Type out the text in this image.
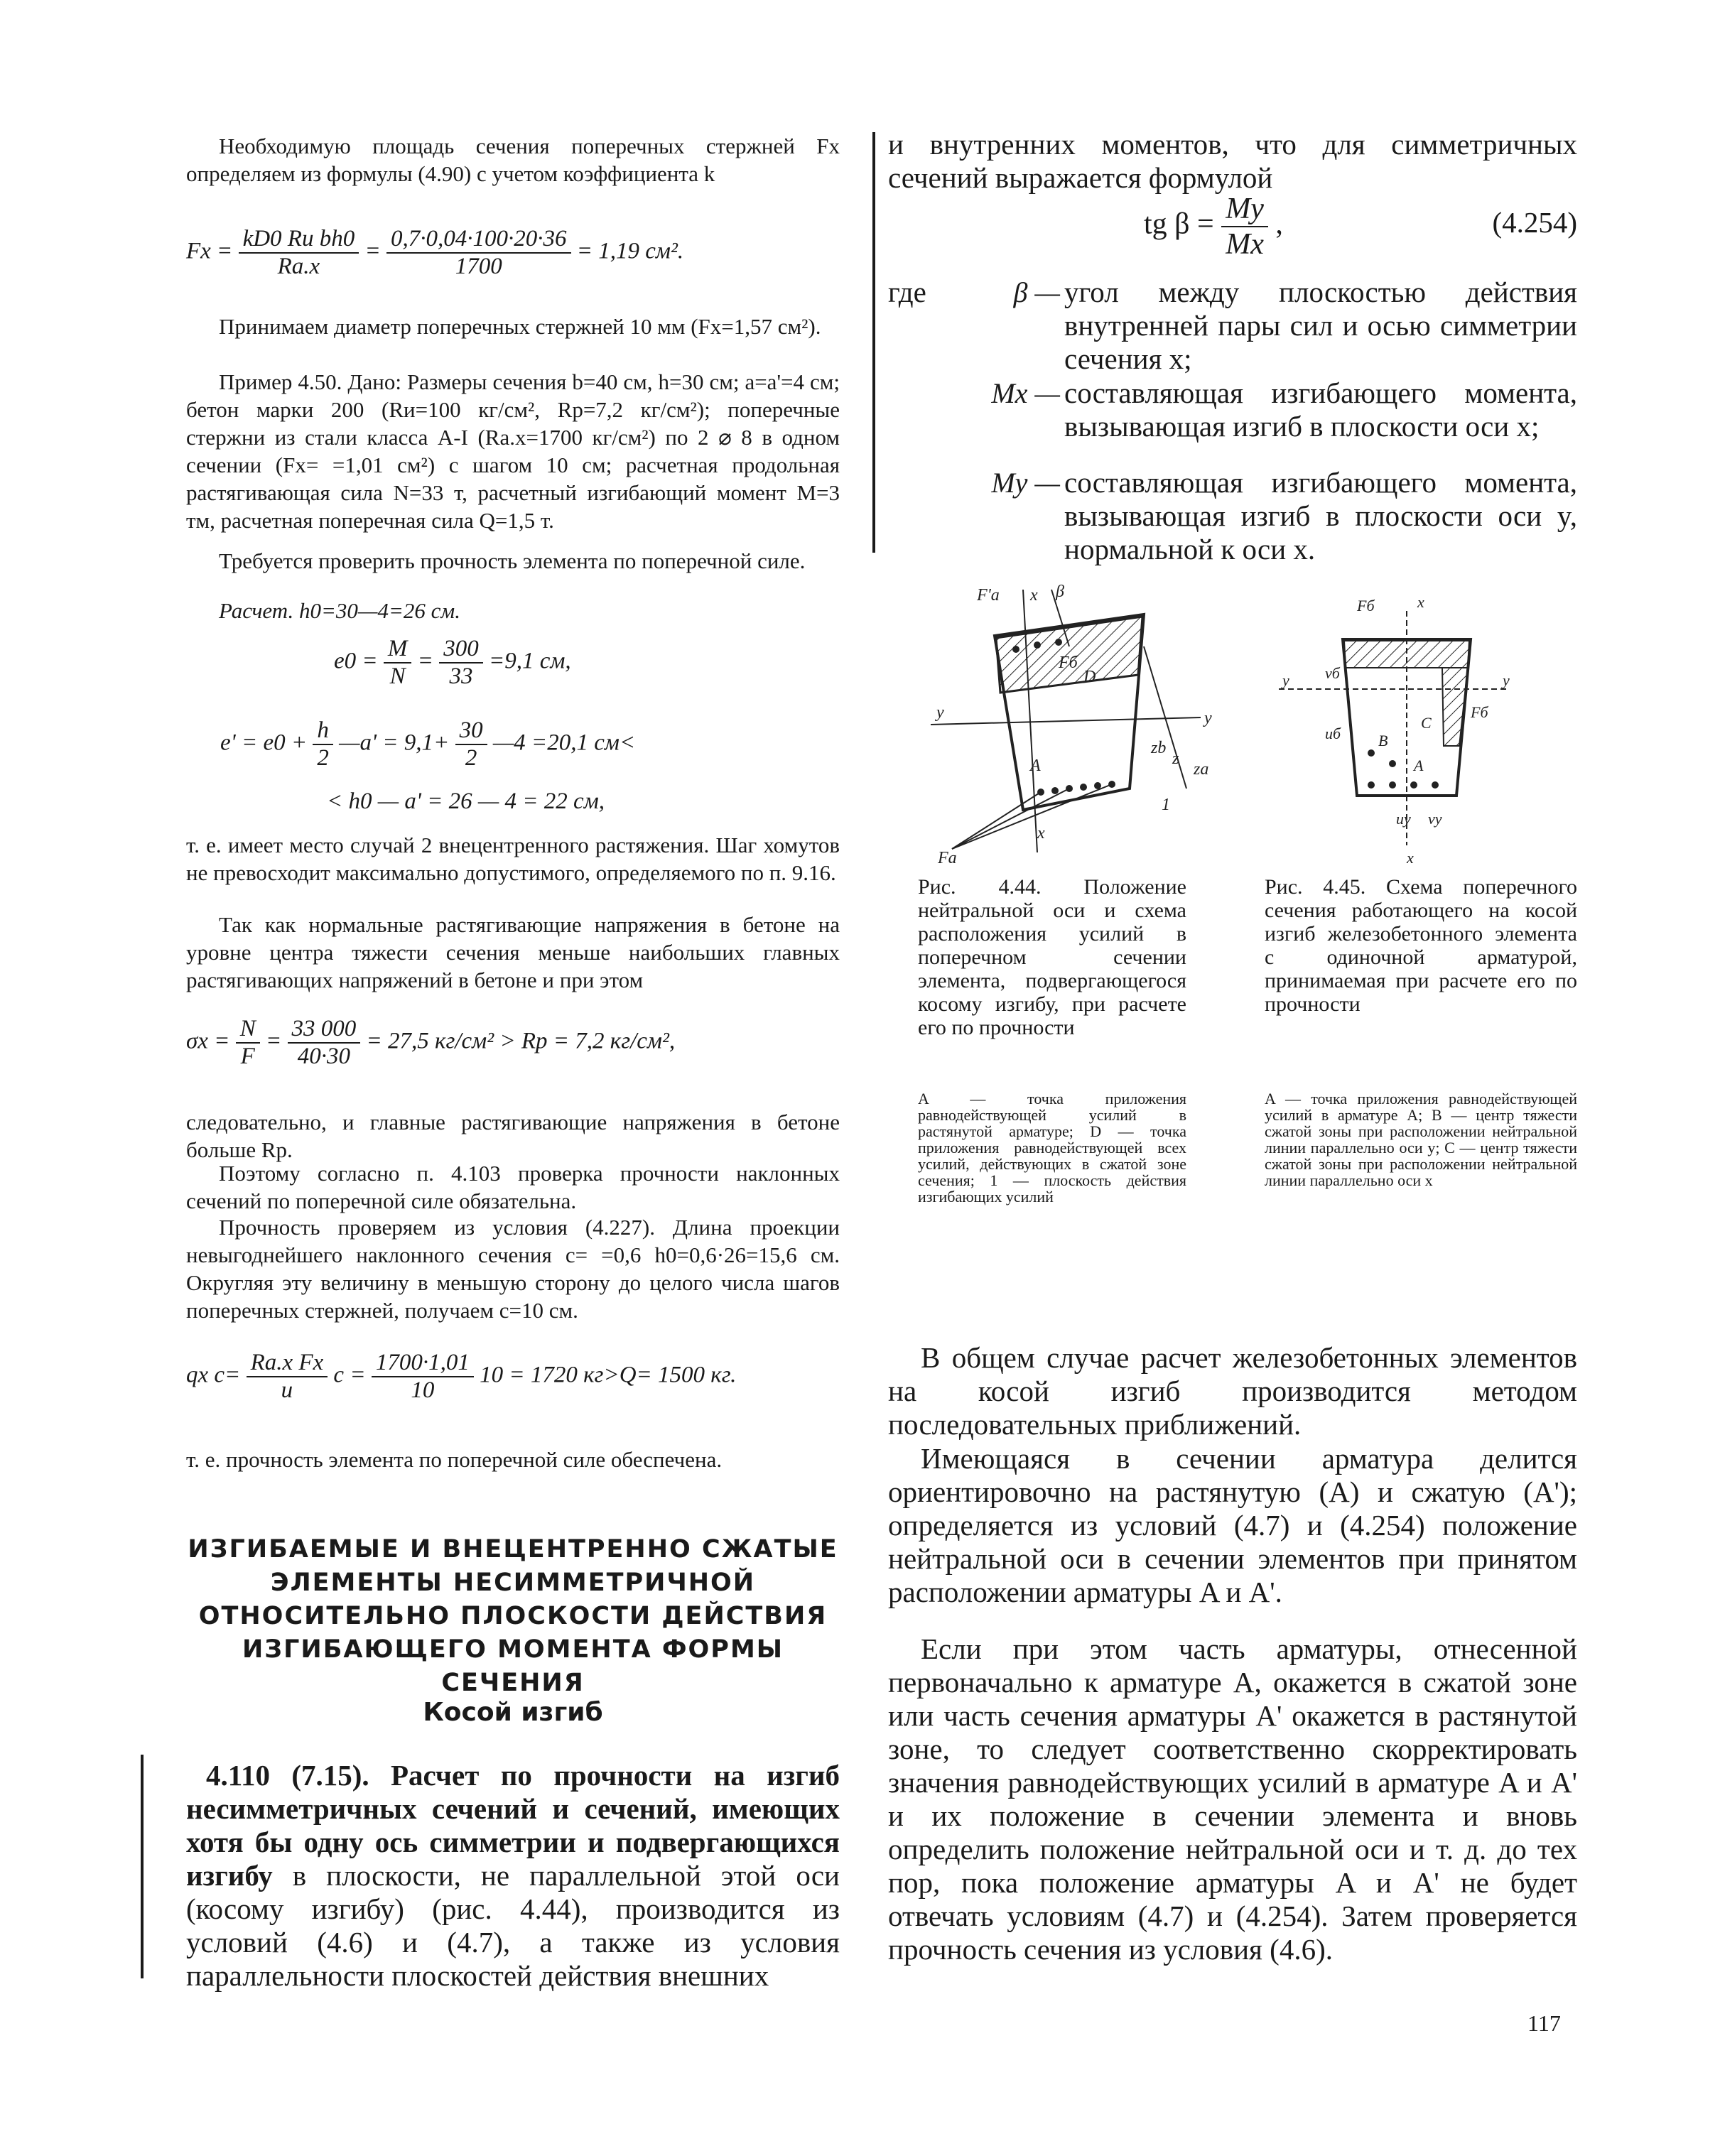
Необходимую площадь сечения поперечных стержней Fx определяем из формулы (4.90) с учетом коэффициента k

$Fx = \frac{\text{kD0 Rи bh0}}{Ra.x} = \frac{0,7\cdot 0,04\cdot 100\cdot 20\cdot 36}{1700} = 1,19$ см².

Принимаем диаметр поперечных стержней 10 мм (Fx=1,57 см²).

Пример 4.50. Дано: Размеры сечения b=40 см, h=30 см; a=a'=4 см; бетон марки 200 (Rи=100 кг/см², Rр=7,2 кг/см²); поперечные стержни из стали класса A-I (Ra.x=1700 кг/см²) по 2 ⌀ 8 в одном сечении (Fx= =1,01 см²) с шагом 10 см; расчетная продольная растягивающая сила N=33 т, расчетный изгибающий момент M=3 тм, расчетная поперечная сила Q=1,5 т.

Требуется проверить прочность элемента по поперечной силе.

Расчет. h0=30—4=26 см.

$e0 = \frac{M}{N} = \frac{300}{33} =9,1$ см,
$e' = e0 + \frac{h}{2}$ —a' = $9,1+ \frac{30}{2}$ —4 =20,1 см<
< h0 — a' = 26 — 4 = 22 см,

т. е. имеет место случай 2 внецентренного растяжения. Шаг хомутов не превосходит максимально допустимого, определяемого по п. 9.16.

Так как нормальные растягивающие напряжения в бетоне на уровне центра тяжести сечения меньше наибольших главных растягивающих напряжений в бетоне и при этом

$\sigma x = \frac{N}{F} = \frac{33 000}{40\cdot 30} = 27,5$ кг/см² > Rр = 7,2 кг/см²,

следовательно, и главные растягивающие напряжения в бетоне больше Rр.

Поэтому согласно п. 4.103 проверка прочности наклонных сечений по поперечной силе обязательна.

Прочность проверяем из условия (4.227). Длина проекции невыгоднейшего наклонного сечения c= =0,6 h0=0,6·26=15,6 см. Округляя эту величину в меньшую сторону до целого числа шагов поперечных стержней, получаем c=10 см.

qx $c= \frac{\text{Ra.x Fx}}{u}$ $c = \frac{1700\cdot 1,01}{10} 10 = 1720$ кг>Q= 1500 кг.

т. е. прочность элемента по поперечной силе обеспечена.

ИЗГИБАЕМЫЕ И ВНЕЦЕНТРЕННО СЖАТЫЕ ЭЛЕМЕНТЫ НЕСИММЕТРИЧНОЙ ОТНОСИТЕЛЬНО ПЛОСКОСТИ ДЕЙСТВИЯ ИЗГИБАЮЩЕГО МОМЕНТА ФОРМЫ СЕЧЕНИЯ
Косой изгиб

4.110 (7.15). Расчет по прочности на изгиб несимметричных сечений и сечений, имеющих хотя бы одну ось симметрии и подвергающихся изгибу в плоскости, не параллельной этой оси (косому изгибу) (рис. 4.44), производится из условий (4.6) и (4.7), а также из условия параллельности плоскостей действия внешних

и внутренних моментов, что для симметричных сечений выражается формулой

tg $\beta = \frac{My}{Mx}$ ,	(4.254)
где	β — угол между плоскостью действия внутренней пары сил и осью симметрии сечения x;

Mx — составляющая изгибающего момента, вызывающая изгиб в плоскости оси x;

My — составляющая изгибающего момента, вызывающая изгиб в плоскости оси y, нормальной к оси x.

F'a x β
Fб
y	y
zb
z
za
A
D
1
x
Fa
Fб	x
vб
uб
y	y
Fб
A
B
C
uy vy
x

Рис. 4.44. Положение нейтральной оси и схема расположения усилий в поперечном сечении элемента, подвергающегося косому изгибу, при расчете его по прочности

A — точка приложения равнодействующей усилий в растянутой арматуре; D — точка приложения равнодействующей всех усилий, действующих в сжатой зоне сечения; 1 — плоскость действия изгибающих усилий

Рис. 4.45. Схема поперечного сечения работающего на косой изгиб железобетонного элемента с одиночной арматурой, принимаемая при расчете его по прочности

A — точка приложения равнодействующей усилий в арматуре A; B — центр тяжести сжатой зоны при расположении нейтральной линии параллельно оси y; C — центр тяжести сжатой зоны при расположении нейтральной линии параллельно оси x

В общем случае расчет железобетонных элементов на косой изгиб производится методом последовательных приближений.

Имеющаяся в сечении арматура делится ориентировочно на растянутую (A) и сжатую (A'); определяется из условий (4.7) и (4.254) положение нейтральной оси в сечении элементов при принятом расположении арматуры A и A'.

Если при этом часть арматуры, отнесенной первоначально к арматуре A, окажется в сжатой зоне или часть сечения арматуры A' окажется в растянутой зоне, то следует соответственно скорректировать значения равнодействующих усилий в арматуре A и A' и их положение в сечении элемента и вновь определить положение нейтральной оси и т. д. до тех пор, пока положение арматуры A и A' не будет отвечать условиям (4.7) и (4.254). Затем проверяется прочность сечения из условия (4.6).

117
